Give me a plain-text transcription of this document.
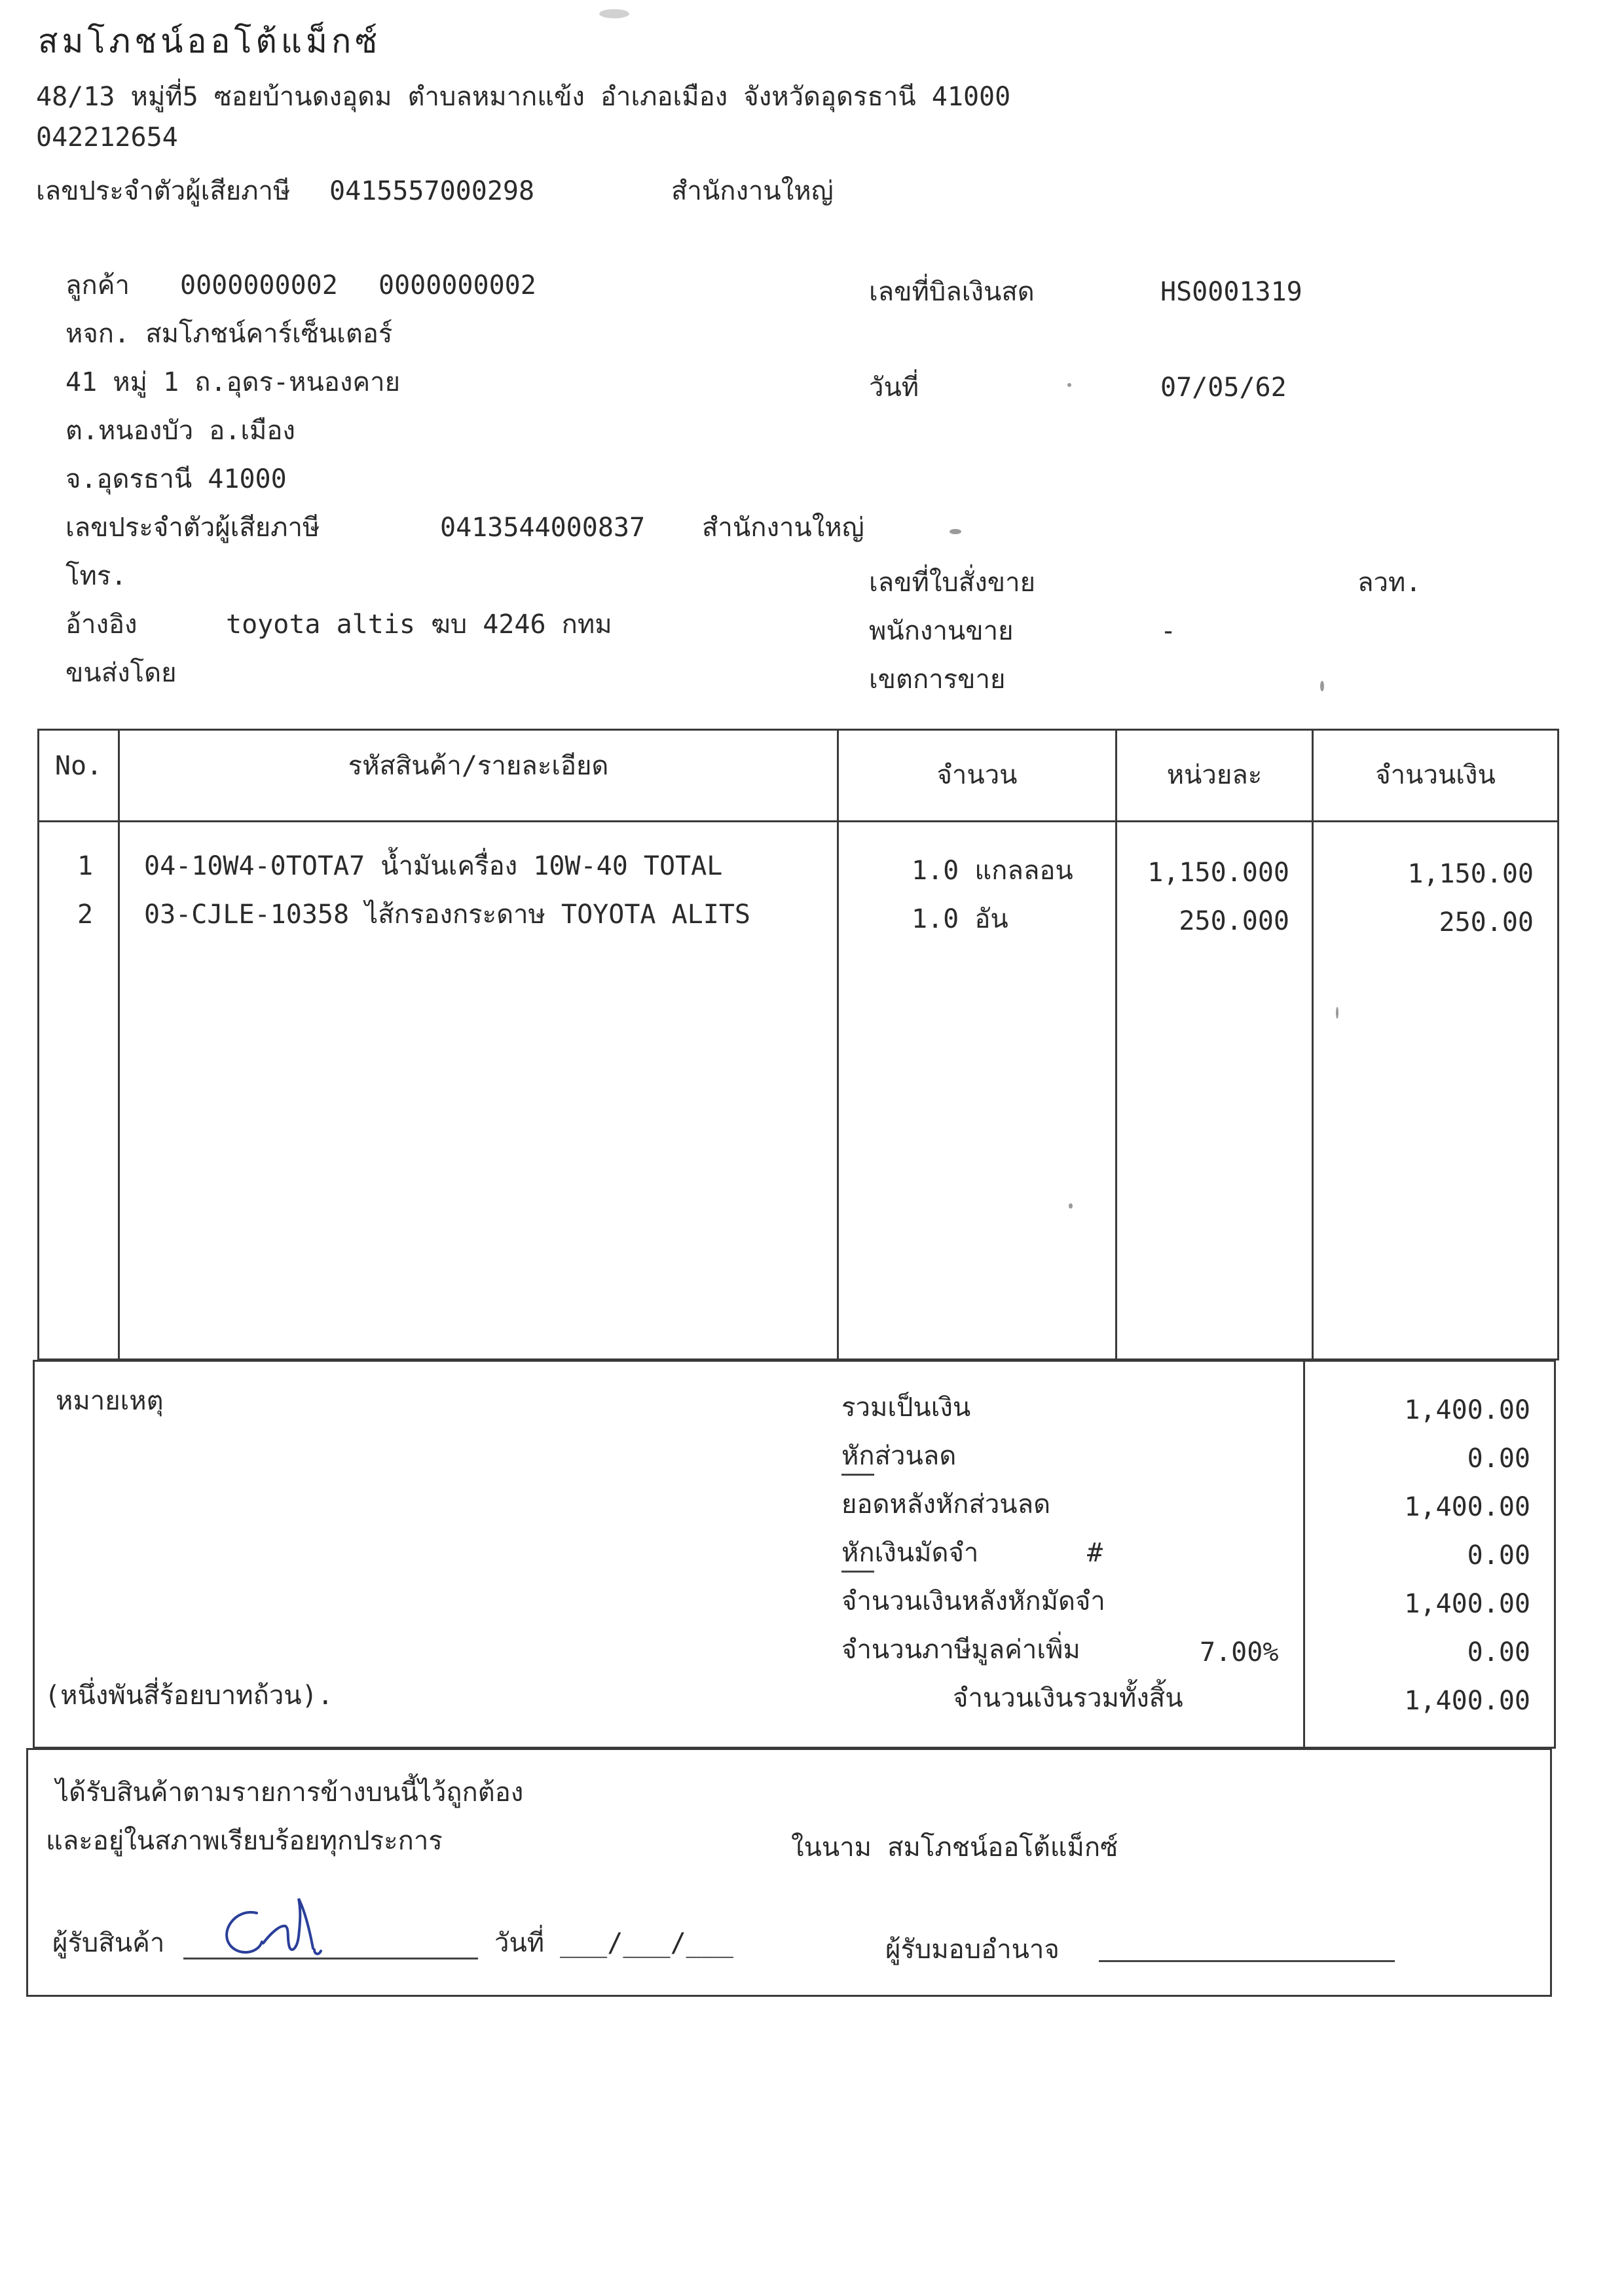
สมโภชน์ออโต้แม็กซ์
48/13 หมู่ที่5 ซอยบ้านดงอุดม ตำบลหมากแข้ง อำเภอเมือง จังหวัดอุดรธานี 41000
042212654
เลขประจำตัวผู้เสียภาษี 0415557000298	สำนักงานใหญ่
ลูกค้า 0000000002 0000000002
หจก. สมโภชน์คาร์เซ็นเตอร์
41 หมู่ 1 ถ.อุดร-หนองคาย
ต.หนองบัว อ.เมือง
จ.อุดรธานี 41000
เลขประจำตัวผู้เสียภาษี	0413544000837 สำนักงานใหญ่
โทร.
อ้างอิง	toyota altis ฆบ 4246 กทม
ขนส่งโดย
เลขที่บิลเงินสด	HS0001319
วันที่	07/05/62
เลขที่ใบสั่งขาย	ลวท.
พนักงานขาย	-
เขตการขาย
No.	รหัสสินค้า/รายละเอียด	จำนวน	หน่วยละ	จำนวนเงิน
1	04-10W4-0TOTA7 น้ำมันเครื่อง 10W-40 TOTAL	1.0 แกลลอน	1,150.000	1,150.00
2	03-CJLE-10358 ไส้กรองกระดาษ TOYOTA ALITS	1.0 อัน	250.000	250.00
หมายเหตุ
(หนึ่งพันสี่ร้อยบาทถ้วน).
รวมเป็นเงิน	1,400.00
หักส่วนลด	0.00
ยอดหลังหักส่วนลด	1,400.00
หักเงินมัดจำ	#	0.00
จำนวนเงินหลังหักมัดจำ	1,400.00
จำนวนภาษีมูลค่าเพิ่ม	7.00%	0.00
จำนวนเงินรวมทั้งสิ้น	1,400.00
ได้รับสินค้าตามรายการข้างบนนี้ไว้ถูกต้อง
และอยู่ในสภาพเรียบร้อยทุกประการ	ในนาม สมโภชน์ออโต้แม็กซ์
ผู้รับสินค้า	วันที่ ___/___/___	ผู้รับมอบอำนาจ
